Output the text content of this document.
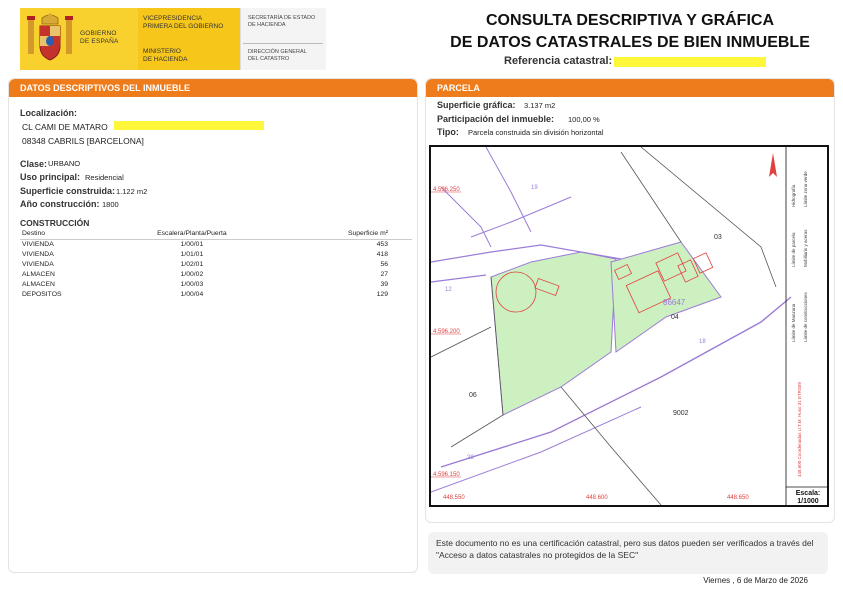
GOBIERNO
DE ESPAÑA
VICEPRESIDENCIA
PRIMERA DEL GOBIERNO
MINISTERIO
DE HACIENDA
SECRETARÍA DE ESTADO
DE HACIENDA
DIRECCIÓN GENERAL
DEL CATASTRO
CONSULTA DESCRIPTIVA Y GRÁFICA
DE DATOS CATASTRALES DE BIEN INMUEBLE
Referencia catastral:
DATOS DESCRIPTIVOS DEL INMUEBLE
Localización:
CL CAMI DE MATARO
08348 CABRILS [BARCELONA]
Clase: URBANO
Uso principal: Residencial
Superficie construida: 1.122 m2
Año construcción: 1800
CONSTRUCCIÓN
Destino	Escalera/Planta/Puerta	Superficie m²
VIVIENDA	1/00/01	453
VIVIENDA	1/01/01	418
VIVIENDA	1/02/01	56
ALMACEN	1/00/02	27
ALMACEN	1/00/03	39
DEPOSITOS	1/00/04	129
PARCELA
Superficie gráfica: 3.137 m2
Participación del inmueble: 100,00 %
Tipo: Parcela construida sin división horizontal
4.596.250
4.596.200
4.596.150
448.550	448.600	448.650
03
04
06
9002
86647
19
12
18
28
Hidrografía Límite zona verde
Límite de parcela Mobiliario y aceras
Límite de Manzana Límite de construcciones
448.600 Coordenadas U.T.M. Huso 31 ETRS89
Escala:
1/1000
Este documento no es una certificación catastral, pero sus datos pueden ser verificados a través del "Acceso a datos catastrales no protegidos de la SEC"
Viernes , 6 de Marzo de 2026
